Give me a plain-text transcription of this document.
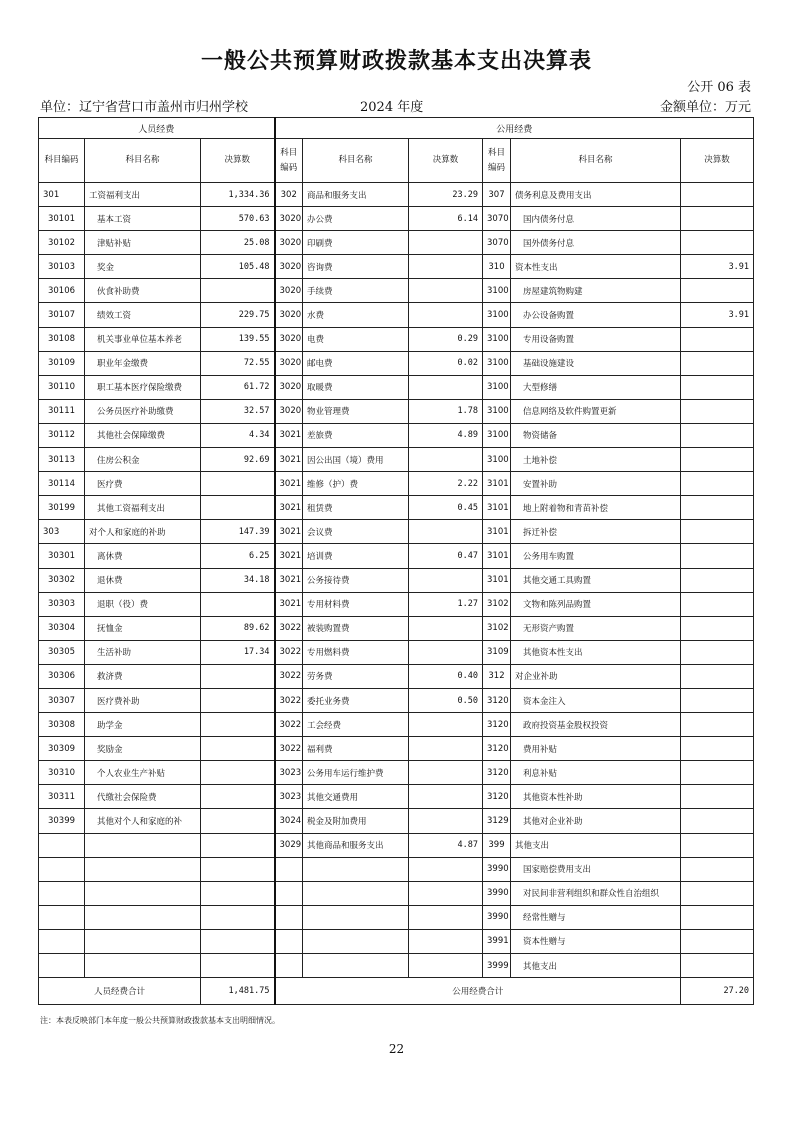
一般公共预算财政拨款基本支出决算表
公开 06 表
单位：辽宁省营口市盖州市归州学校	2024 年度	金额单位：万元
人员经费			公用经费					
科目编码	科目名称	决算数	科目编码	科目名称	决算数	科目编码	科目名称	决算数
301	工资福利支出	1,334.36	302	商品和服务支出	23.29	307	债务利息及费用支出	
30101	基本工资	570.63	3020	办公费	6.14	3070	国内债务付息	
30102	津贴补贴	25.08	3020	印刷费		3070	国外债务付息	
30103	奖金	105.48	3020	咨询费		310	资本性支出	3.91
30106	伙食补助费		3020	手续费		3100	房屋建筑物购建	
30107	绩效工资	229.75	3020	水费		3100	办公设备购置	3.91
30108	机关事业单位基本养老	139.55	3020	电费	0.29	3100	专用设备购置	
30109	职业年金缴费	72.55	3020	邮电费	0.02	3100	基础设施建设	
30110	职工基本医疗保险缴费	61.72	3020	取暖费		3100	大型修缮	
30111	公务员医疗补助缴费	32.57	3020	物业管理费	1.78	3100	信息网络及软件购置更新	
30112	其他社会保障缴费	4.34	3021	差旅费	4.89	3100	物资储备	
30113	住房公积金	92.69	3021	因公出国（境）费用		3100	土地补偿	
30114	医疗费		3021	维修（护）费	2.22	3101	安置补助	
30199	其他工资福利支出		3021	租赁费	0.45	3101	地上附着物和青苗补偿	
303	对个人和家庭的补助	147.39	3021	会议费		3101	拆迁补偿	
30301	离休费	6.25	3021	培训费	0.47	3101	公务用车购置	
30302	退休费	34.18	3021	公务接待费		3101	其他交通工具购置	
30303	退职（役）费		3021	专用材料费	1.27	3102	文物和陈列品购置	
30304	抚恤金	89.62	3022	被装购置费		3102	无形资产购置	
30305	生活补助	17.34	3022	专用燃料费		3109	其他资本性支出	
30306	救济费		3022	劳务费	0.40	312	对企业补助	
30307	医疗费补助		3022	委托业务费	0.50	3120	资本金注入	
30308	助学金		3022	工会经费		3120	政府投资基金股权投资	
30309	奖励金		3022	福利费		3120	费用补贴	
30310	个人农业生产补贴		3023	公务用车运行维护费		3120	利息补贴	
30311	代缴社会保险费		3023	其他交通费用		3120	其他资本性补助	
30399	其他对个人和家庭的补		3024	税金及附加费用		3129	其他对企业补助	
			3029	其他商品和服务支出	4.87	399	其他支出	
						3990	国家赔偿费用支出	
						3990	对民间非营利组织和群众性自治组织	
						3990	经常性赠与	
						3991	资本性赠与	
						3999	其他支出	
人员经费合计		1,481.75	公用经费合计					27.20
注：本表反映部门本年度一般公共预算财政拨款基本支出明细情况。
22
